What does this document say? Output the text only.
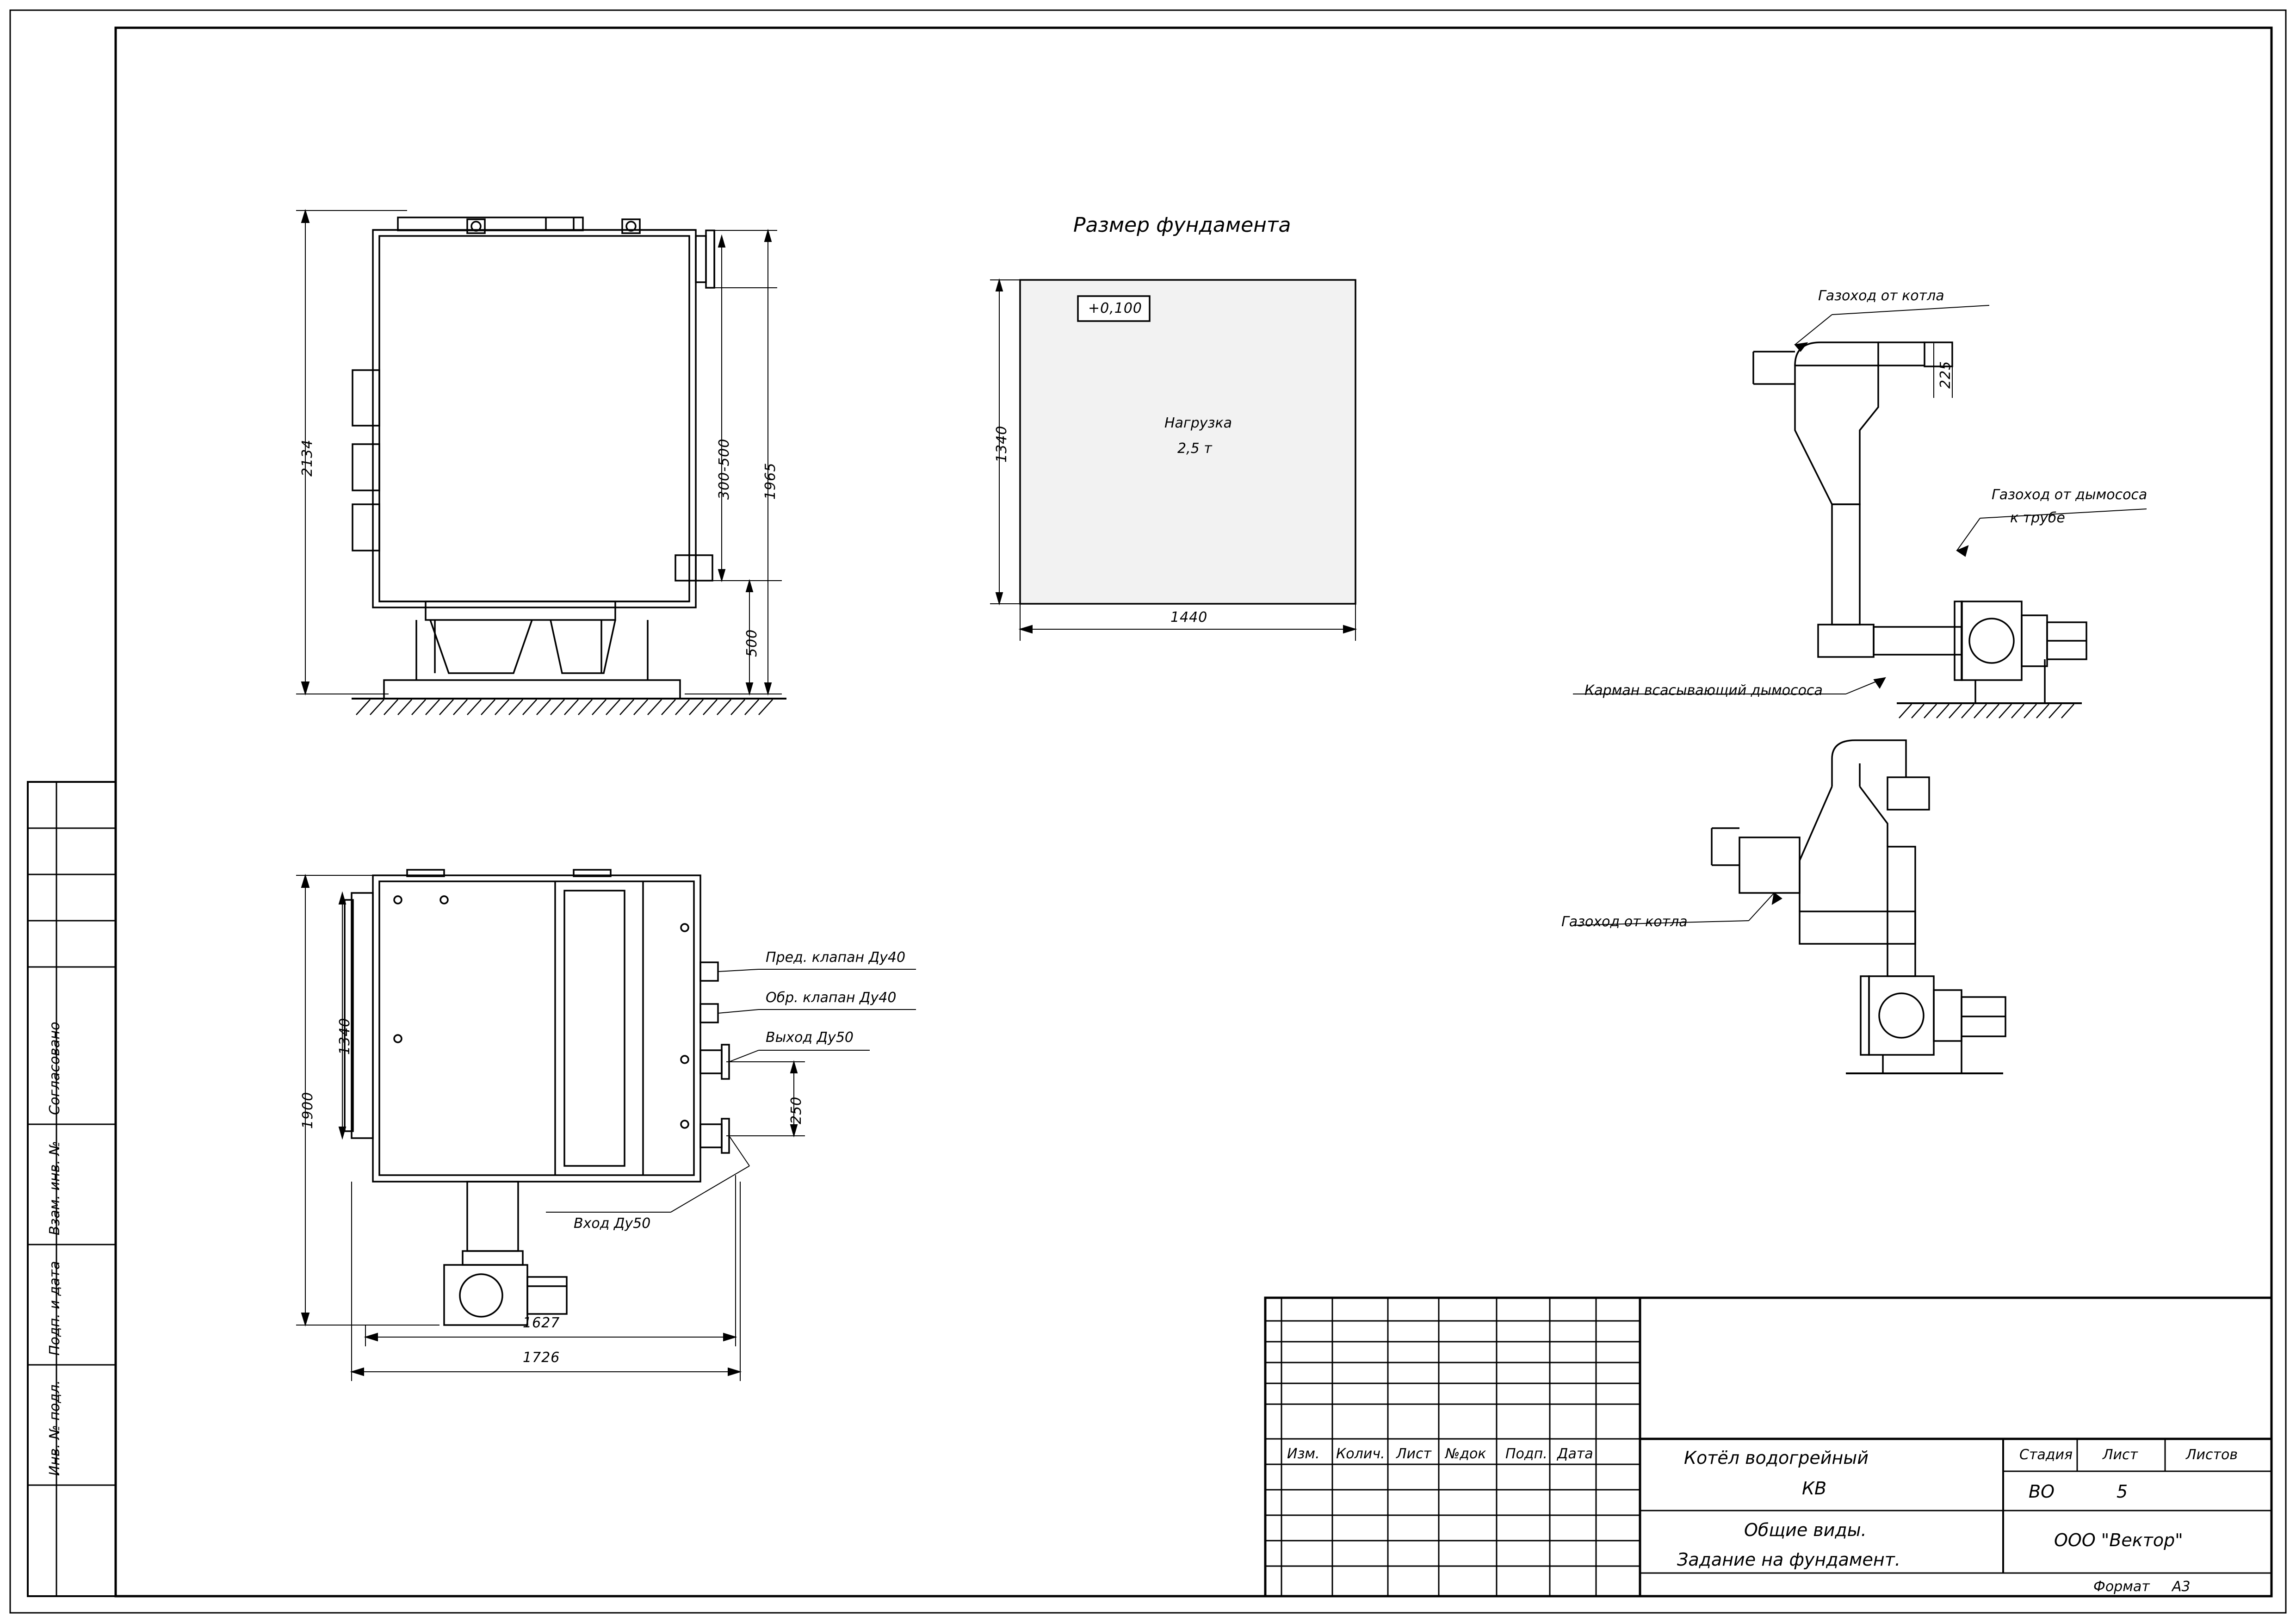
Инв. № подл.
Подп. и дата
Взам. инв. №
Согласовано
2134	300-500 1965
500
1900
1340
250
1627
1726
Пред. клапан Ду40
Обр. клапан Ду40
Выход Ду50
Вход Ду50
Размер фундамента
+0,100
Нагрузка
2,5 т
1340
1440
Газоход от котла
Газоход от дымососа
к трубе
Карман всасывающий дымососа
225
Газоход от котла
Изм. Колич. Лист №док Подп. Дата	Котёл водогрейный
КВ
Общие виды.
Задание на фундамент.
Стадия Лист	Листов
ВО	5
ООО "Вектор"
Формат А3
